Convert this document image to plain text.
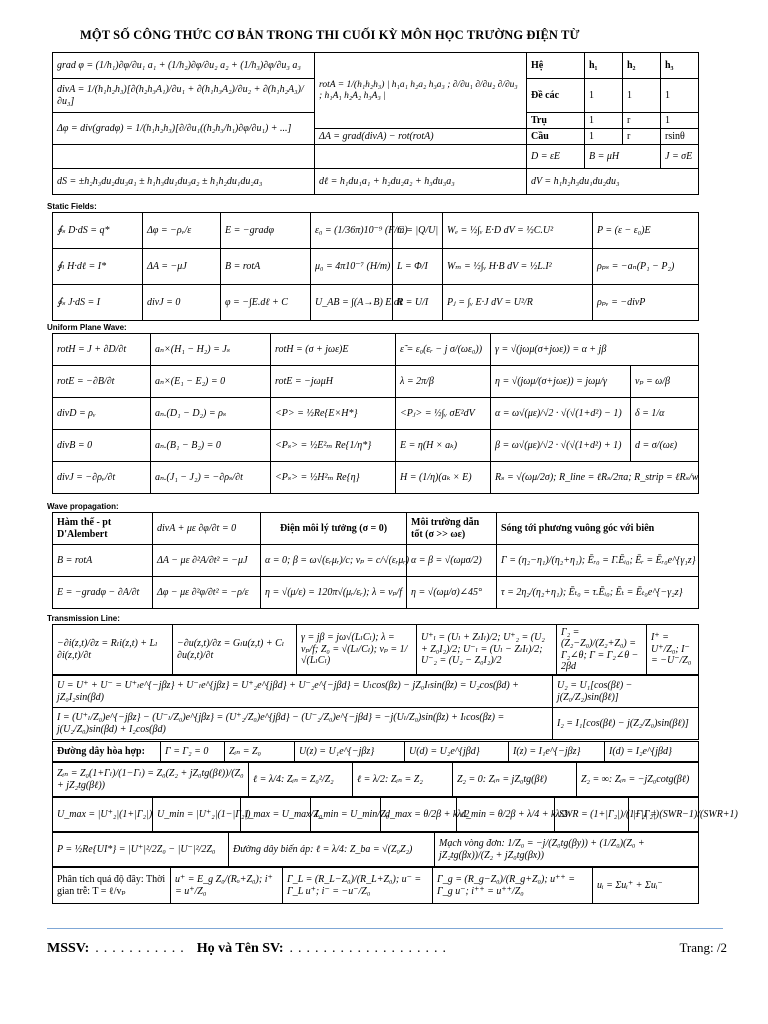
MỘT SỐ CÔNG THỨC CƠ BẢN TRONG THI CUỐI KỲ MÔN HỌC TRƯỜNG ĐIỆN TỪ
grad φ = (1/h₁)∂φ/∂u₁ a₁ + (1/h₂)∂φ/∂u₂ a₂ + (1/h₃)∂φ/∂u₃ a₃	rotA = 1/(h₁h₂h₃) | h₁a₁ h₂a₂ h₃a₃ ; ∂/∂u₁ ∂/∂u₂ ∂/∂u₃ ; h₁A₁ h₂A₂ h₃A₃ |	Hệ	h₁	h₂	h₃
divA = 1/(h₁h₂h₃)[∂(h₂h₃A₁)/∂u₁ + ∂(h₁h₃A₂)/∂u₂ + ∂(h₁h₂A₃)/∂u₃]		Đề các	1	1	1
Δφ = div(gradφ) = 1/(h₁h₂h₃)[∂/∂u₁((h₂h₃/h₁)∂φ/∂u₁) + ...]		Trụ	1	r	1
	ΔA = grad(divA) − rot(rotA)	Cầu	1	r	rsinθ
		D = εE	B = μH		J = σE
dS = ±h₂h₃du₂du₃a₁ ± h₁h₃du₁du₃a₂ ± h₁h₂du₁du₂a₃	dℓ = h₁du₁a₁ + h₂du₂a₂ + h₃du₃a₃	dV = h₁h₂h₃du₁du₂du₃			
Static Fields:
∮ₛ D·dS = q*	Δφ = −ρᵥ/ε	E = −gradφ	ε₀ = (1/36π)10⁻⁹ (F/m)	C = |Q/U|	Wₑ = ½∫ᵥ E·D dV = ½C.U²	P = (ε − ε₀)E
∮ₗ H·dℓ = I*	ΔA = −μJ	B = rotA	μ₀ = 4π10⁻⁷ (H/m)	L = Φ/I	Wₘ = ½∫ᵥ H·B dV = ½L.I²	ρₚₛ = −aₙ(P₁ − P₂)
∮ₛ J·dS = I	divJ = 0	φ = −∫E.dℓ + C	U_AB = ∫(A→B) E.dℓ	R = U/I	Pⱼ = ∫ᵥ E·J dV = U²/R	ρₚᵥ = −divP
Uniform Plane Wave:
rotH = J + ∂D/∂t	aₙ×(H₁ − H₂) = Jₛ	rotH = (σ + jωε)E	ε̃ = ε₀(εᵣ − j σ/(ωε₀))	γ = √(jωμ(σ+jωε)) = α + jβ	
rotE = −∂B/∂t	aₙ×(E₁ − E₂) = 0	rotE = −jωμH	λ = 2π/β	η = √(jωμ/(σ+jωε)) = jωμ/γ	vₚ = ω/β
divD = ρᵥ	aₙ.(D₁ − D₂) = ρₛ	<P> = ½Re{E×H*}	<Pⱼ> = ½∫ᵥ σE²dV	α = ω√(με)/√2 · √(√(1+d²) − 1)	δ = 1/α
divB = 0	aₙ.(B₁ − B₂) = 0	<Pₛ> = ½E²ₘ Re{1/η*}	E = η(H × aₖ)	β = ω√(με)/√2 · √(√(1+d²) + 1)	d = σ/(ωε)
divJ = −∂ρᵥ/∂t	aₙ.(J₁ − J₂) = −∂ρₛ/∂t	<Pₛ> = ½H²ₘ Re{η}	H = (1/η)(aₖ × E)	Rₛ = √(ωμ/2σ); R_line = ℓRₛ/2πa; R_strip = ℓRₛ/w	
Wave propagation:
Hàm thế - pt D'Alembert	divA + με ∂φ/∂t = 0	Điện môi lý tưởng (σ = 0)	Môi trường dẫn tốt (σ >> ωε)	Sóng tới phương vuông góc với biên
B = rotA	ΔA − με ∂²A/∂t² = −μJ	α = 0; β = ω√(εᵣμᵣ)/c; vₚ = c/√(εᵣμᵣ)	α = β = √(ωμσ/2)	Γ = (η₂−η₁)/(η₂+η₁); Ēᵣ₀ = Γ.Ēᵢ₀; Ēᵣ = Ēᵣ₀e^{γ₁z}
E = −gradφ − ∂A/∂t	Δφ − με ∂²φ/∂t² = −ρ/ε	η = √(μ/ε) = 120π√(μᵣ/εᵣ); λ = vₚ/f	η = √(ωμ/σ)∠45°	τ = 2η₂/(η₂+η₁); Ēₜ₀ = τ.Ēᵢ₀; Ēₜ = Ēₜ₀e^{−γ₂z}
Transmission Line:
−∂i(z,t)/∂z = Rₗi(z,t) + Lₗ ∂i(z,t)/∂t	−∂u(z,t)/∂z = Gₗu(z,t) + Cₗ ∂u(z,t)/∂t	γ = jβ = jω√(LₗCₗ); λ = vₚ/f; Z₀ = √(Lₗ/Cₗ); vₚ = 1/√(LₗCₗ)	U⁺ₗ = (Uₗ + ZₗIₗ)/2; U⁺₂ = (U₂ + Z₀I₂)/2; U⁻ₗ = (Uₗ − ZₗIₗ)/2; U⁻₂ = (U₂ − Z₀I₂)/2	Γ₂ = (Z₂−Z₀)/(Z₂+Z₀) = Γ₂∠θ; Γ = Γ₂∠θ − 2βd	I⁺ = U⁺/Z₀; I⁻ = −U⁻/Z₀
U = U⁺ + U⁻ = U⁺ₗe^{−jβz} + U⁻ₗe^{jβz} = U⁺₂e^{jβd} + U⁻₂e^{−jβd} = Uₗcos(βz) − jZ₀Iₗsin(βz) = U₂cos(βd) + jZ₀I₂sin(βd)	U₂ = U₁[cos(βℓ) − j(Z₀/Z₂)sin(βℓ)]
I = (U⁺ₗ/Z₀)e^{−jβz} − (U⁻ₗ/Z₀)e^{jβz} = (U⁺₂/Z₀)e^{jβd} − (U⁻₂/Z₀)e^{−jβd} = −j(Uₗ/Z₀)sin(βz) + Iₗcos(βz) = j(U₂/Z₀)sin(βd) + I₂cos(βd)	I₂ = I₁[cos(βℓ) − j(Z₂/Z₀)sin(βℓ)]
Đường dây hòa hợp:	Γ = Γ₂ = 0	Zᵢₙ = Z₀	U(z) = U₁e^{−jβz}	U(d) = U₂e^{jβd}	I(z) = I₁e^{−jβz}	I(d) = I₂e^{jβd}
Zᵢₙ = Z₀(1+Γₗ)/(1−Γₗ) = Z₀(Z₂ + jZ₀tg(βℓ))/(Z₀ + jZ₂tg(βℓ))	ℓ = λ/4: Zᵢₙ = Z₀²/Z₂	ℓ = λ/2: Zᵢₙ = Z₂	Z₂ = 0: Zᵢₙ = jZ₀tg(βℓ)	Z₂ = ∞: Zᵢₙ = −jZ₀cotg(βℓ)
U_max = |U⁺₂|(1+|Γ₂|)	U_min = |U⁺₂|(1−|Γ₂|)	I_max = U_max/Z₀	I_min = U_min/Z₀	d_max = θ/2β + kλ/2	d_min = θ/2β + λ/4 + kλ/2	SWR = (1+|Γ₂|)/(1−|Γ₂|)	|Γ₂| = (SWR−1)/(SWR+1)
P = ½Re{UI*} = |U⁺|²/2Z₀ − |U⁻|²/2Z₀	Đường dây biến áp: ℓ = λ/4: Z_ba = √(Z₀Z₂)	Mạch vòng đơn: 1/Z₀ = −j/(Z₀tg(βy)) + (1/Z₀)(Z₀ + jZ₂tg(βx))/(Z₂ + jZ₀tg(βx))
Phân tích quá độ đây: Thời gian trễ: T = ℓ/vₚ	u⁺ = E_g Z₀/(Rₒ+Z₀); i⁺ = u⁺/Z₀	Γ_L = (R_L−Z₀)/(R_L+Z₀); u⁻ = Γ_L u⁺; i⁻ = −u⁻/Z₀	Γ_g = (R_g−Z₀)/(R_g+Z₀); u⁺⁺ = Γ_g u⁻; i⁺⁺ = u⁺⁺/Z₀	uᵢ = Σuᵢ⁺ + Σuᵢ⁻
MSSV: ........... Họ và Tên SV: ...................	Trang: /2
